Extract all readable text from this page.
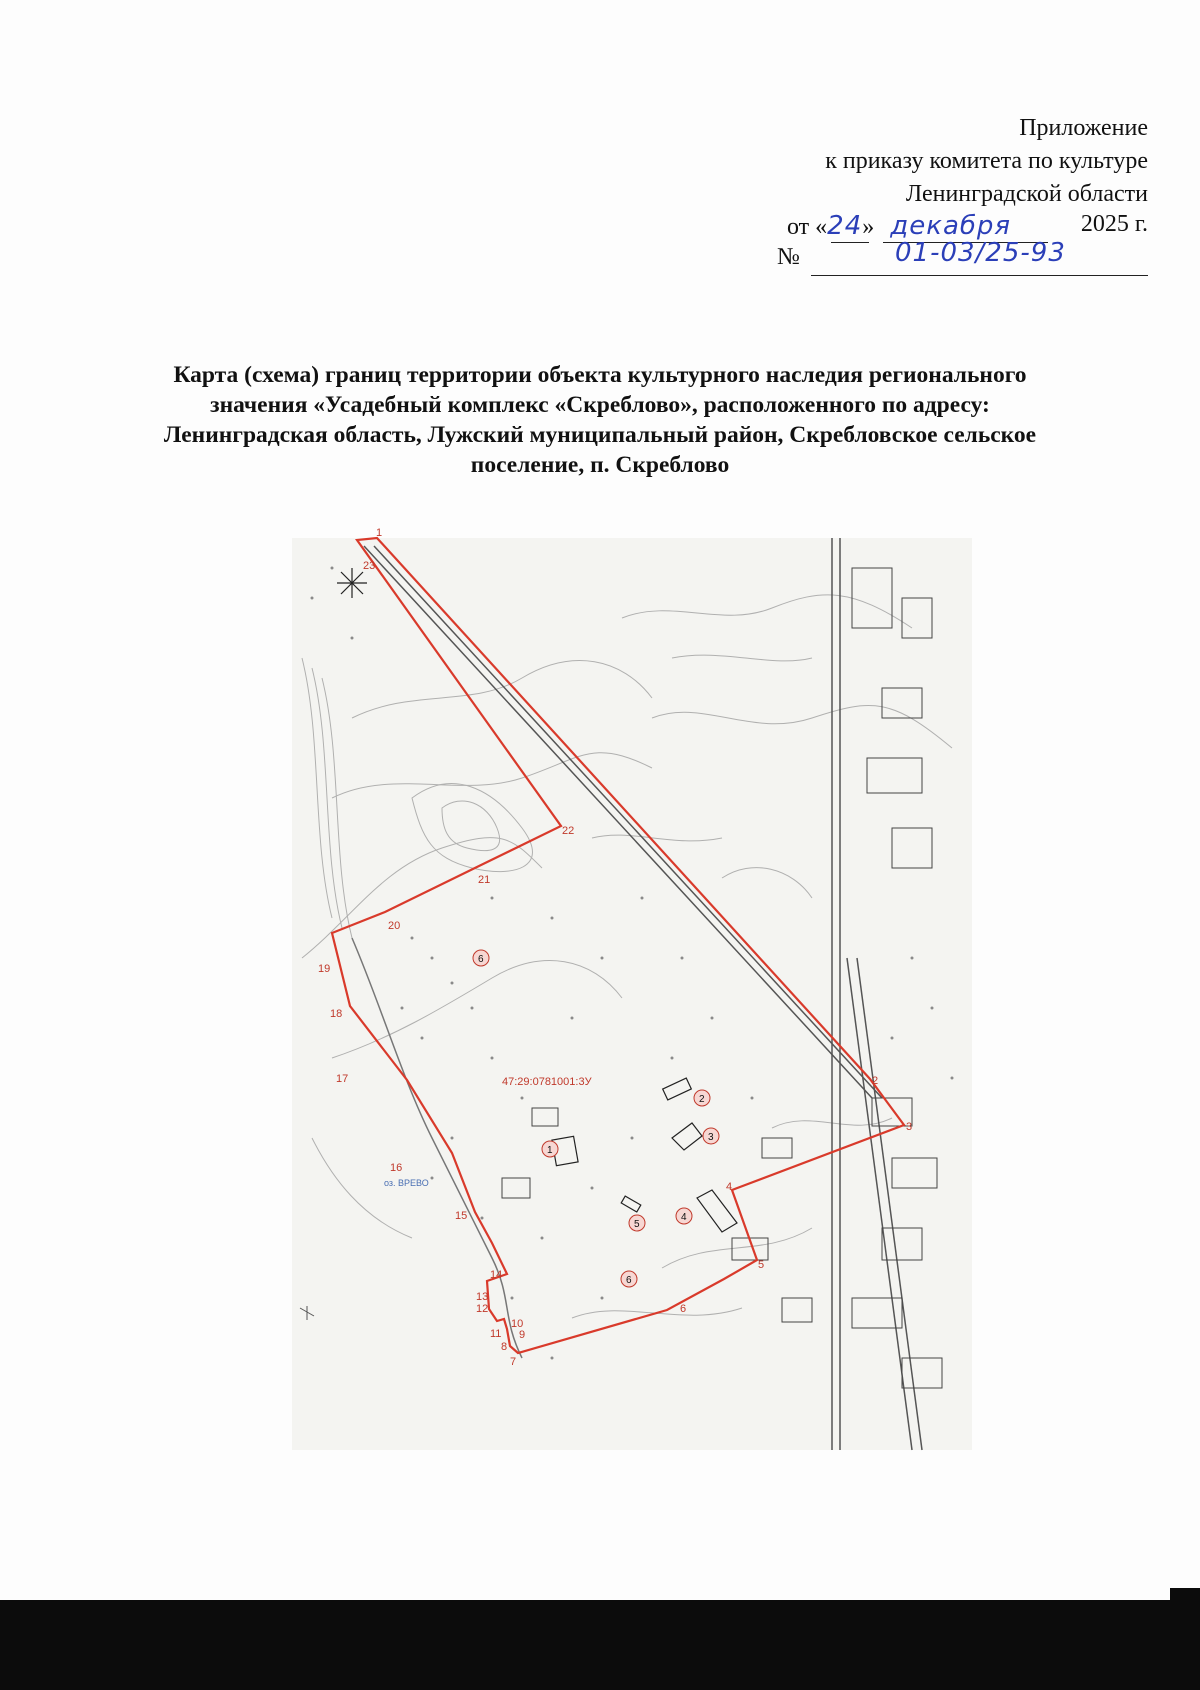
Приложение
к приказу комитета по культуре
Ленинградской области
от «24» декабря	2025 г.
№	01-03/25-93
Карта (схема) границ территории объекта культурного наследия регионального
значения «Усадебный комплекс «Скреблово», расположенного по адресу:
Ленинградская область, Лужский муниципальный район, Скребловское сельское
поселение, п. Скреблово
оз. ВРЕВО
1
2
3
4
5
6
7
8
9
10
11
12
13
14
15
16
17
18
19
20
21
22
23
47:29:0781001:3У
1
2
3
4
5
6
6
